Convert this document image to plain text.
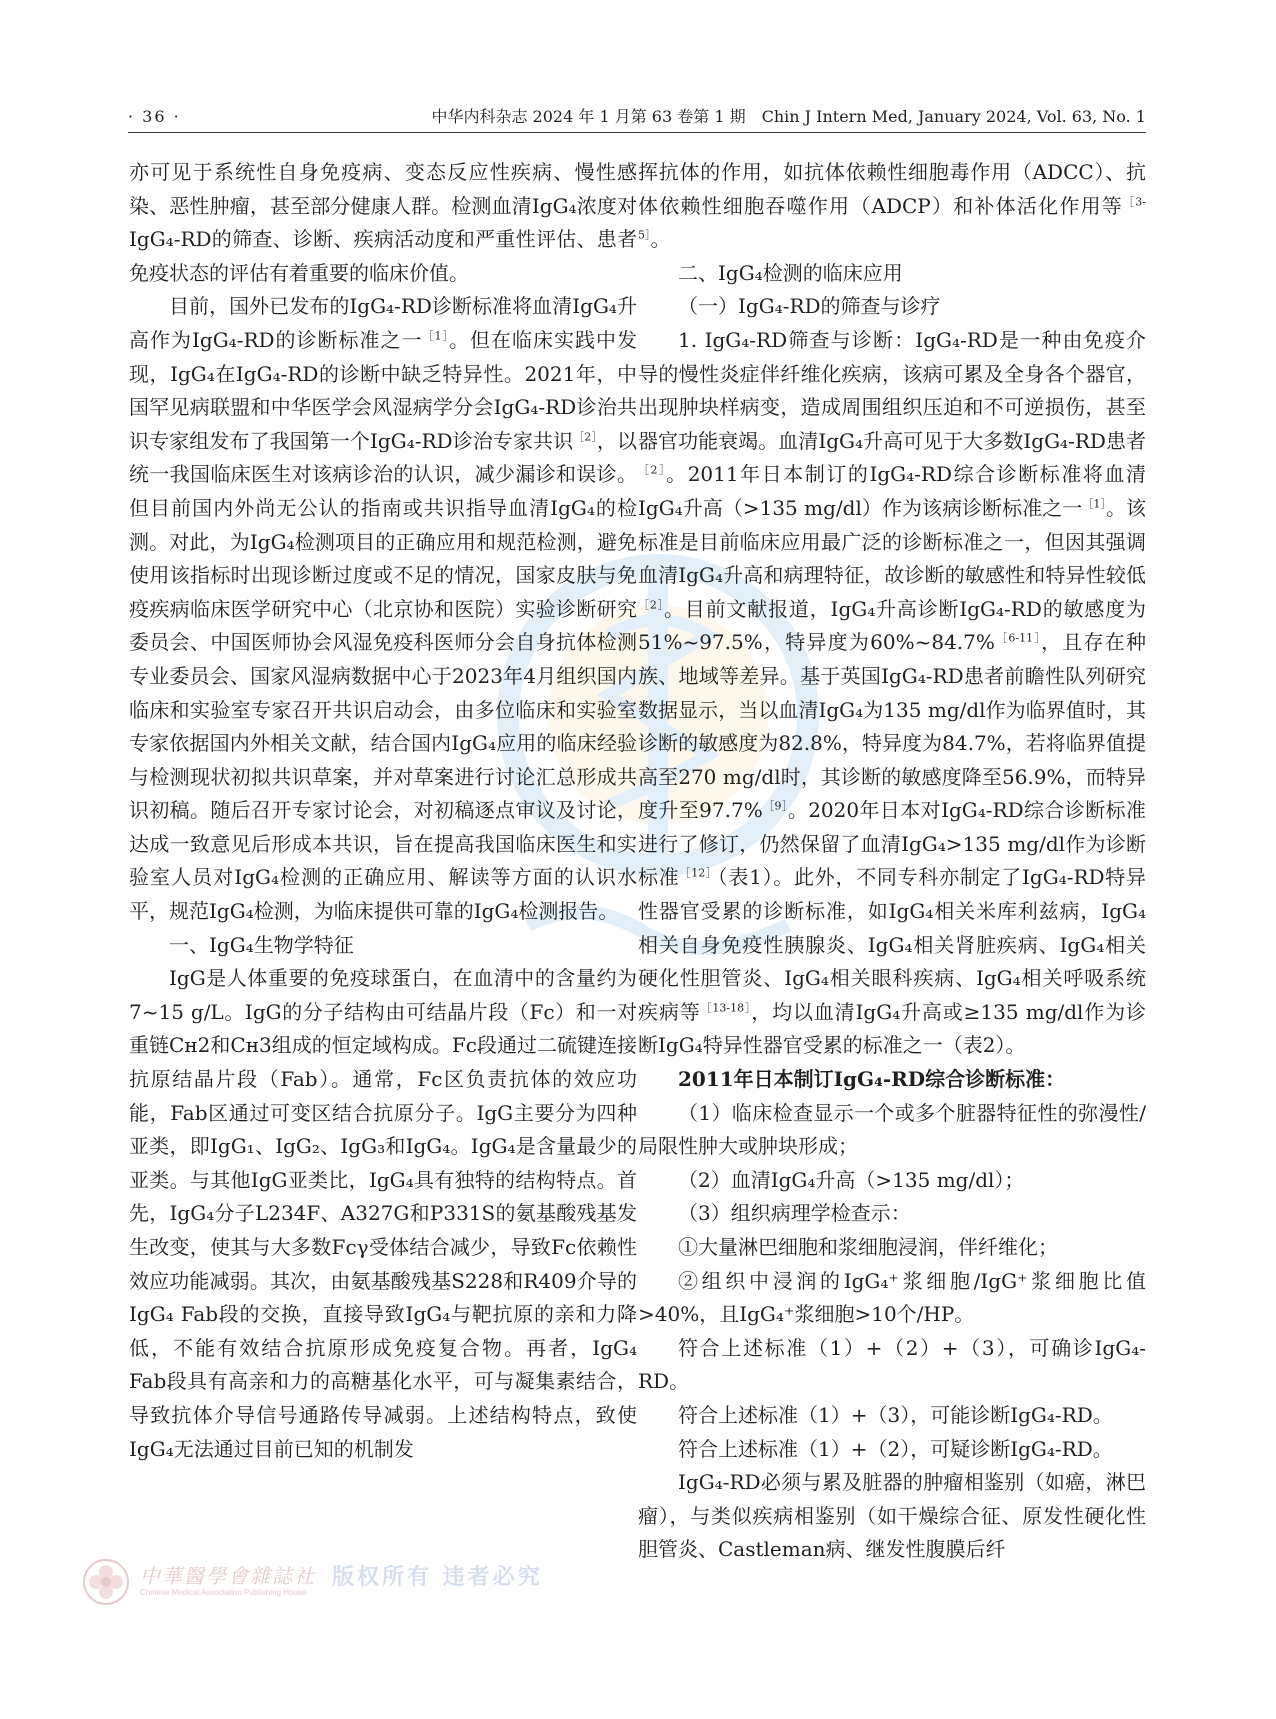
· 36 ·	中华内科杂志 2024 年 1 月第 63 卷第 1 期　Chin J Intern Med, January 2024, Vol. 63, No. 1

亦可见于系统性自身免疫病、变态反应性疾病、慢性感染、恶性肿瘤，甚至部分健康人群。检测血清IgG₄浓度对IgG₄-RD的筛查、诊断、疾病活动度和严重性评估、患者免疫状态的评估有着重要的临床价值。

目前，国外已发布的IgG₄-RD诊断标准将血清IgG₄升高作为IgG₄-RD的诊断标准之一$^{[1]}$。但在临床实践中发现，IgG₄在IgG₄-RD的诊断中缺乏特异性。2021年，中国罕见病联盟和中华医学会风湿病学分会IgG₄-RD诊治共识专家组发布了我国第一个IgG₄-RD诊治专家共识$^{[2]}$，以统一我国临床医生对该病诊治的认识，减少漏诊和误诊。但目前国内外尚无公认的指南或共识指导血清IgG₄的检测。对此，为IgG₄检测项目的正确应用和规范检测，避免使用该指标时出现诊断过度或不足的情况，国家皮肤与免疫疾病临床医学研究中心（北京协和医院）实验诊断研究委员会、中国医师协会风湿免疫科医师分会自身抗体检测专业委员会、国家风湿病数据中心于2023年4月组织国内临床和实验室专家召开共识启动会，由多位临床和实验室专家依据国内外相关文献，结合国内IgG₄应用的临床经验与检测现状初拟共识草案，并对草案进行讨论汇总形成共识初稿。随后召开专家讨论会，对初稿逐点审议及讨论，达成一致意见后形成本共识，旨在提高我国临床医生和实验室人员对IgG₄检测的正确应用、解读等方面的认识水平，规范IgG₄检测，为临床提供可靠的IgG₄检测报告。

一、IgG₄生物学特征

IgG是人体重要的免疫球蛋白，在血清中的含量约为7~15 g/L。IgG的分子结构由可结晶片段（Fc）和一对重链Cʜ2和Cʜ3组成的恒定域构成。Fc段通过二硫键连接抗原结晶片段（Fab）。通常，Fc区负责抗体的效应功能，Fab区通过可变区结合抗原分子。IgG主要分为四种亚类，即IgG₁、IgG₂、IgG₃和IgG₄。IgG₄是含量最少的亚类。与其他IgG亚类比，IgG₄具有独特的结构特点。首先，IgG₄分子L234F、A327G和P331S的氨基酸残基发生改变，使其与大多数Fcγ受体结合减少，导致Fc依赖性效应功能减弱。其次，由氨基酸残基S228和R409介导的IgG₄ Fab段的交换，直接导致IgG₄与靶抗原的亲和力降低，不能有效结合抗原形成免疫复合物。再者，IgG₄ Fab段具有高亲和力的高糖基化水平，可与凝集素结合，导致抗体介导信号通路传导减弱。上述结构特点，致使IgG₄无法通过目前已知的机制发

挥抗体的作用，如抗体依赖性细胞毒作用（ADCC）、抗体依赖性细胞吞噬作用（ADCP）和补体活化作用等$^{[3-5]}$。

二、IgG₄检测的临床应用

（一）IgG₄-RD的筛查与诊疗

1. IgG₄-RD筛查与诊断：IgG₄-RD是一种由免疫介导的慢性炎症伴纤维化疾病，该病可累及全身各个器官，出现肿块样病变，造成周围组织压迫和不可逆损伤，甚至器官功能衰竭。血清IgG₄升高可见于大多数IgG₄-RD患者$^{[2]}$。2011年日本制订的IgG₄-RD综合诊断标准将血清IgG₄升高（>135 mg/dl）作为该病诊断标准之一$^{[1]}$。该标准是目前临床应用最广泛的诊断标准之一，但因其强调血清IgG₄升高和病理特征，故诊断的敏感性和特异性较低$^{[2]}$。目前文献报道，IgG₄升高诊断IgG₄-RD的敏感度为51%~97.5%，特异度为60%~84.7%$^{[6-11]}$，且存在种族、地域等差异。基于英国IgG₄-RD患者前瞻性队列研究数据显示，当以血清IgG₄为135 mg/dl作为临界值时，其诊断的敏感度为82.8%，特异度为84.7%，若将临界值提高至270 mg/dl时，其诊断的敏感度降至56.9%，而特异度升至97.7%$^{[9]}$。2020年日本对IgG₄-RD综合诊断标准进行了修订，仍然保留了血清IgG₄>135 mg/dl作为诊断标准$^{[12]}$（表1）。此外，不同专科亦制定了IgG₄-RD特异性器官受累的诊断标准，如IgG₄相关米库利兹病，IgG₄相关自身免疫性胰腺炎、IgG₄相关肾脏疾病、IgG₄相关硬化性胆管炎、IgG₄相关眼科疾病、IgG₄相关呼吸系统疾病等$^{[13-18]}$，均以血清IgG₄升高或≥135 mg/dl作为诊断IgG₄特异性器官受累的标准之一（表2）。

2011年日本制订IgG₄-RD综合诊断标准：

（1）临床检查显示一个或多个脏器特征性的弥漫性/局限性肿大或肿块形成；

（2）血清IgG₄升高（>135 mg/dl）；

（3）组织病理学检查示：

①大量淋巴细胞和浆细胞浸润，伴纤维化；

②组织中浸润的IgG₄⁺浆细胞/IgG⁺浆细胞比值>40%，且IgG₄⁺浆细胞>10个/HP。

符合上述标准（1）+（2）+（3），可确诊IgG₄-RD。

符合上述标准（1）+（3），可能诊断IgG₄-RD。

符合上述标准（1）+（2），可疑诊断IgG₄-RD。

IgG₄-RD必须与累及脏器的肿瘤相鉴别（如癌，淋巴瘤），与类似疾病相鉴别（如干燥综合征、原发性硬化性胆管炎、Castleman病、继发性腹膜后纤

中華醫學會雜誌社
Chinese Medical Association Publishing House
版权所有 违者必究
